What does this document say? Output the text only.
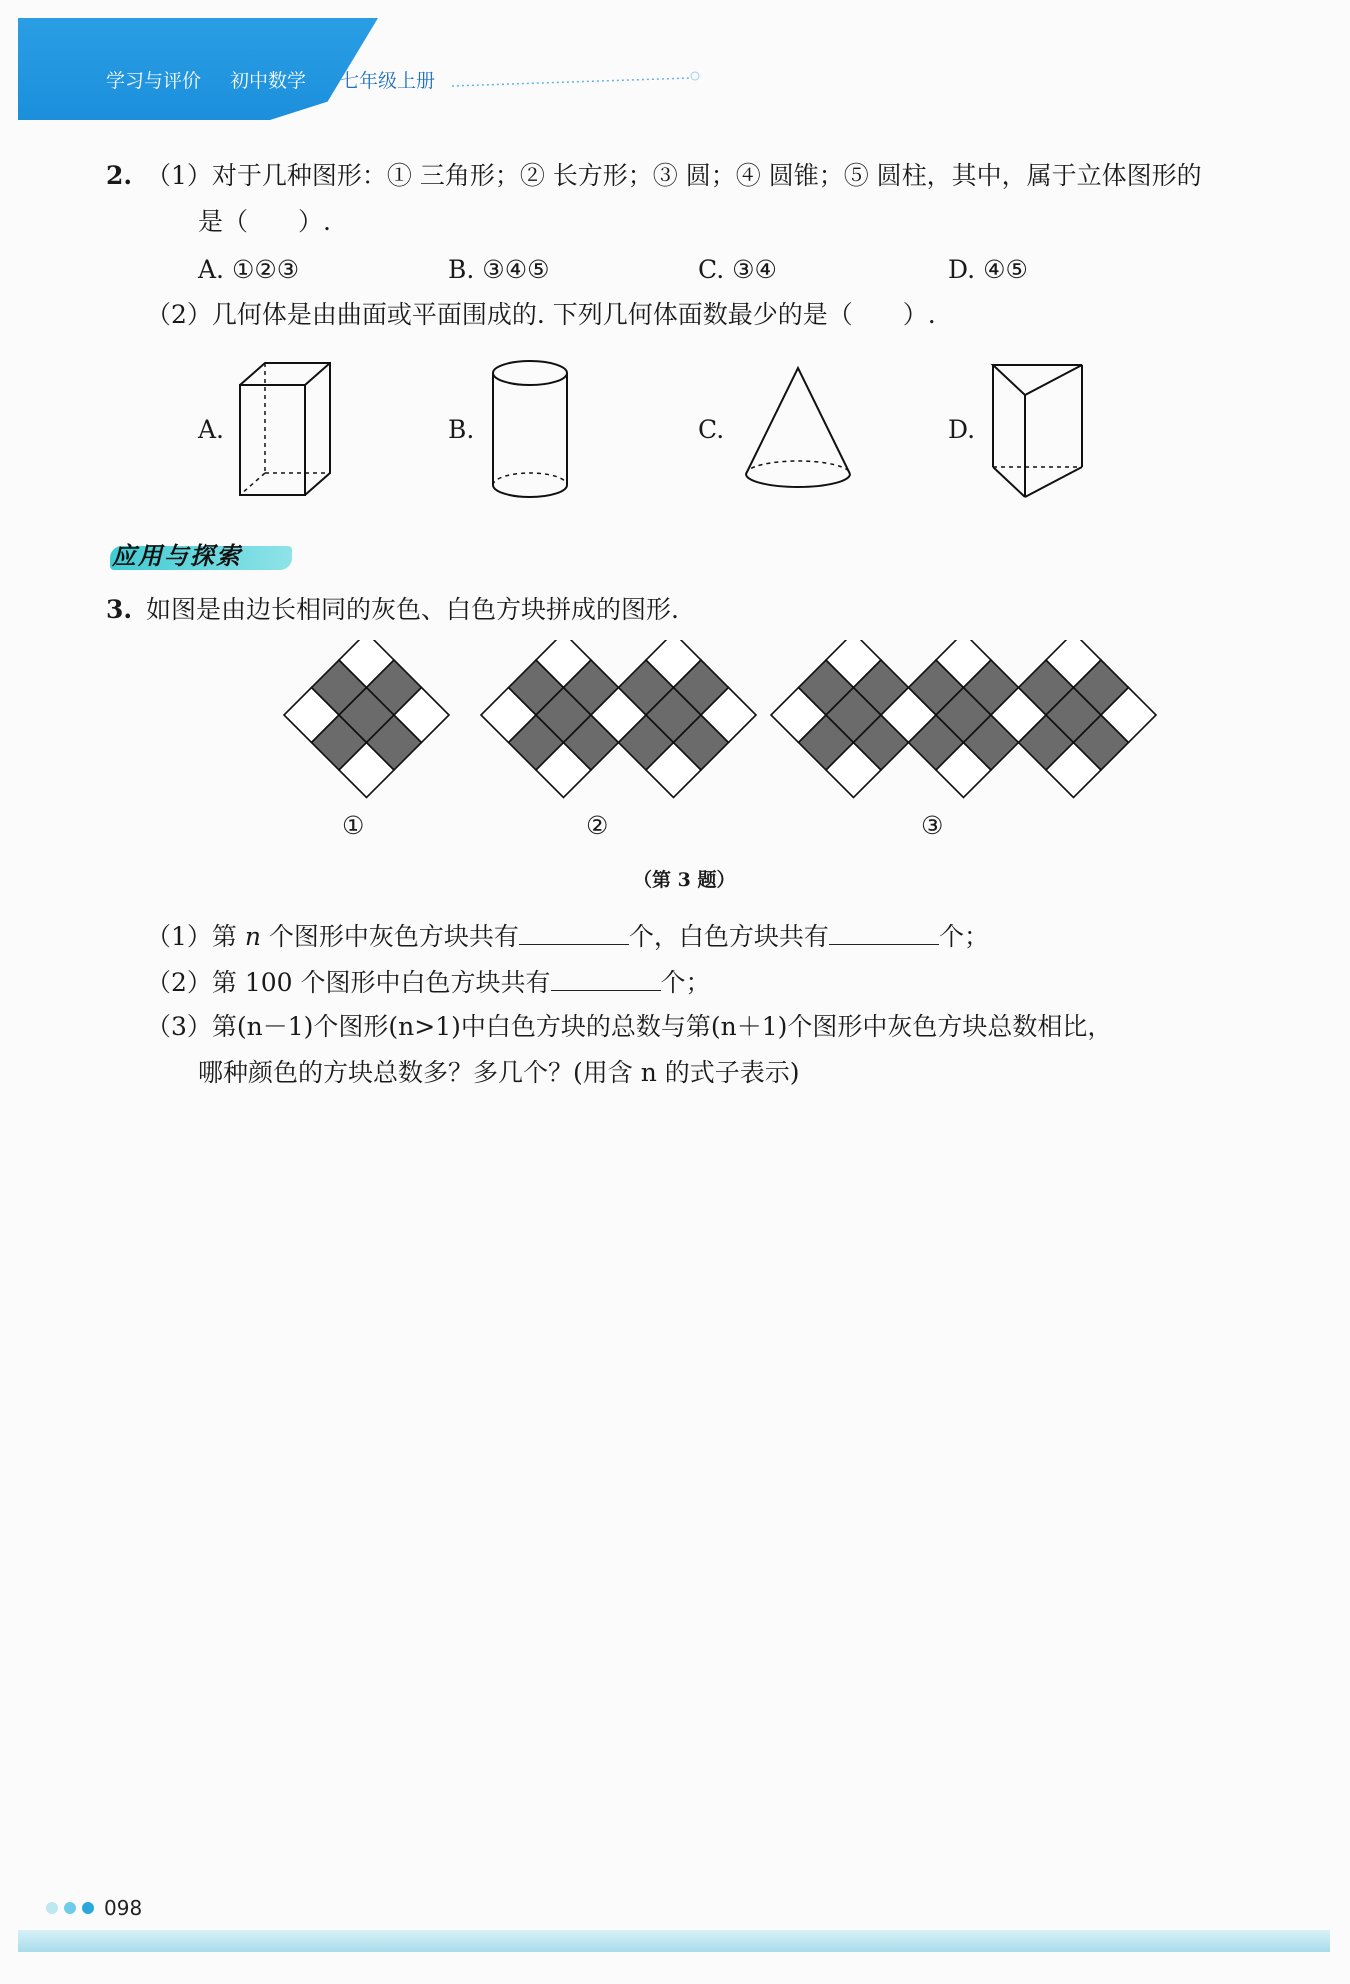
学习与评价 初中数学 七年级上册
2. （1）对于几种图形：① 三角形；② 长方形；③ 圆；④ 圆锥；⑤ 圆柱，其中，属于立体图形的
是（　　）.
A. ①②③	B. ③④⑤	C. ③④	D. ④⑤
（2）几何体是由曲面或平面围成的. 下列几何体面数最少的是（　　）.
A.	B.	C.	D.
应用与探索
3. 如图是由边长相同的灰色、白色方块拼成的图形.
①	②	③
（第 3 题）
（1）第 n 个图形中灰色方块共有	个，白色方块共有	个；
（2）第 100 个图形中白色方块共有	个；
（3）第(n－1)个图形(n>1)中白色方块的总数与第(n＋1)个图形中灰色方块总数相比，
哪种颜色的方块总数多？多几个？(用含 n 的式子表示)
098
